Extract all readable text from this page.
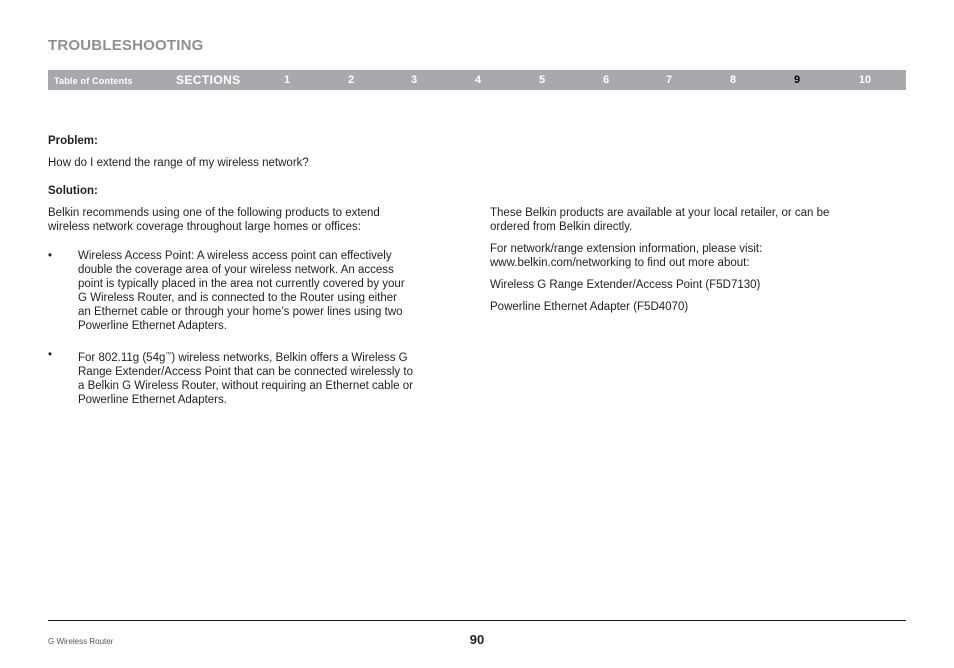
TROUBLESHOOTING
Table of Contents	SECTIONS	1	2	3	4	5	6	7	8	9	10

Problem:

How do I extend the range of my wireless network?

Solution:

Belkin recommends using one of the following products to extend

wireless network coverage throughout large homes or offices:

• Wireless Access Point: A wireless access point can effectively

double the coverage area of your wireless network. An access

point is typically placed in the area not currently covered by your

G Wireless Router, and is connected to the Router using either

an Ethernet cable or through your home’s power lines using two

Powerline Ethernet Adapters.

• For 802.11g (54g™) wireless networks, Belkin offers a Wireless G

Range Extender/Access Point that can be connected wirelessly to

a Belkin G Wireless Router, without requiring an Ethernet cable or

Powerline Ethernet Adapters.

These Belkin products are available at your local retailer, or can be

ordered from Belkin directly.

For network/range extension information, please visit:

www.belkin.com/networking to find out more about:

Wireless G Range Extender/Access Point (F5D7130)

Powerline Ethernet Adapter (F5D4070)

G Wireless Router	90
